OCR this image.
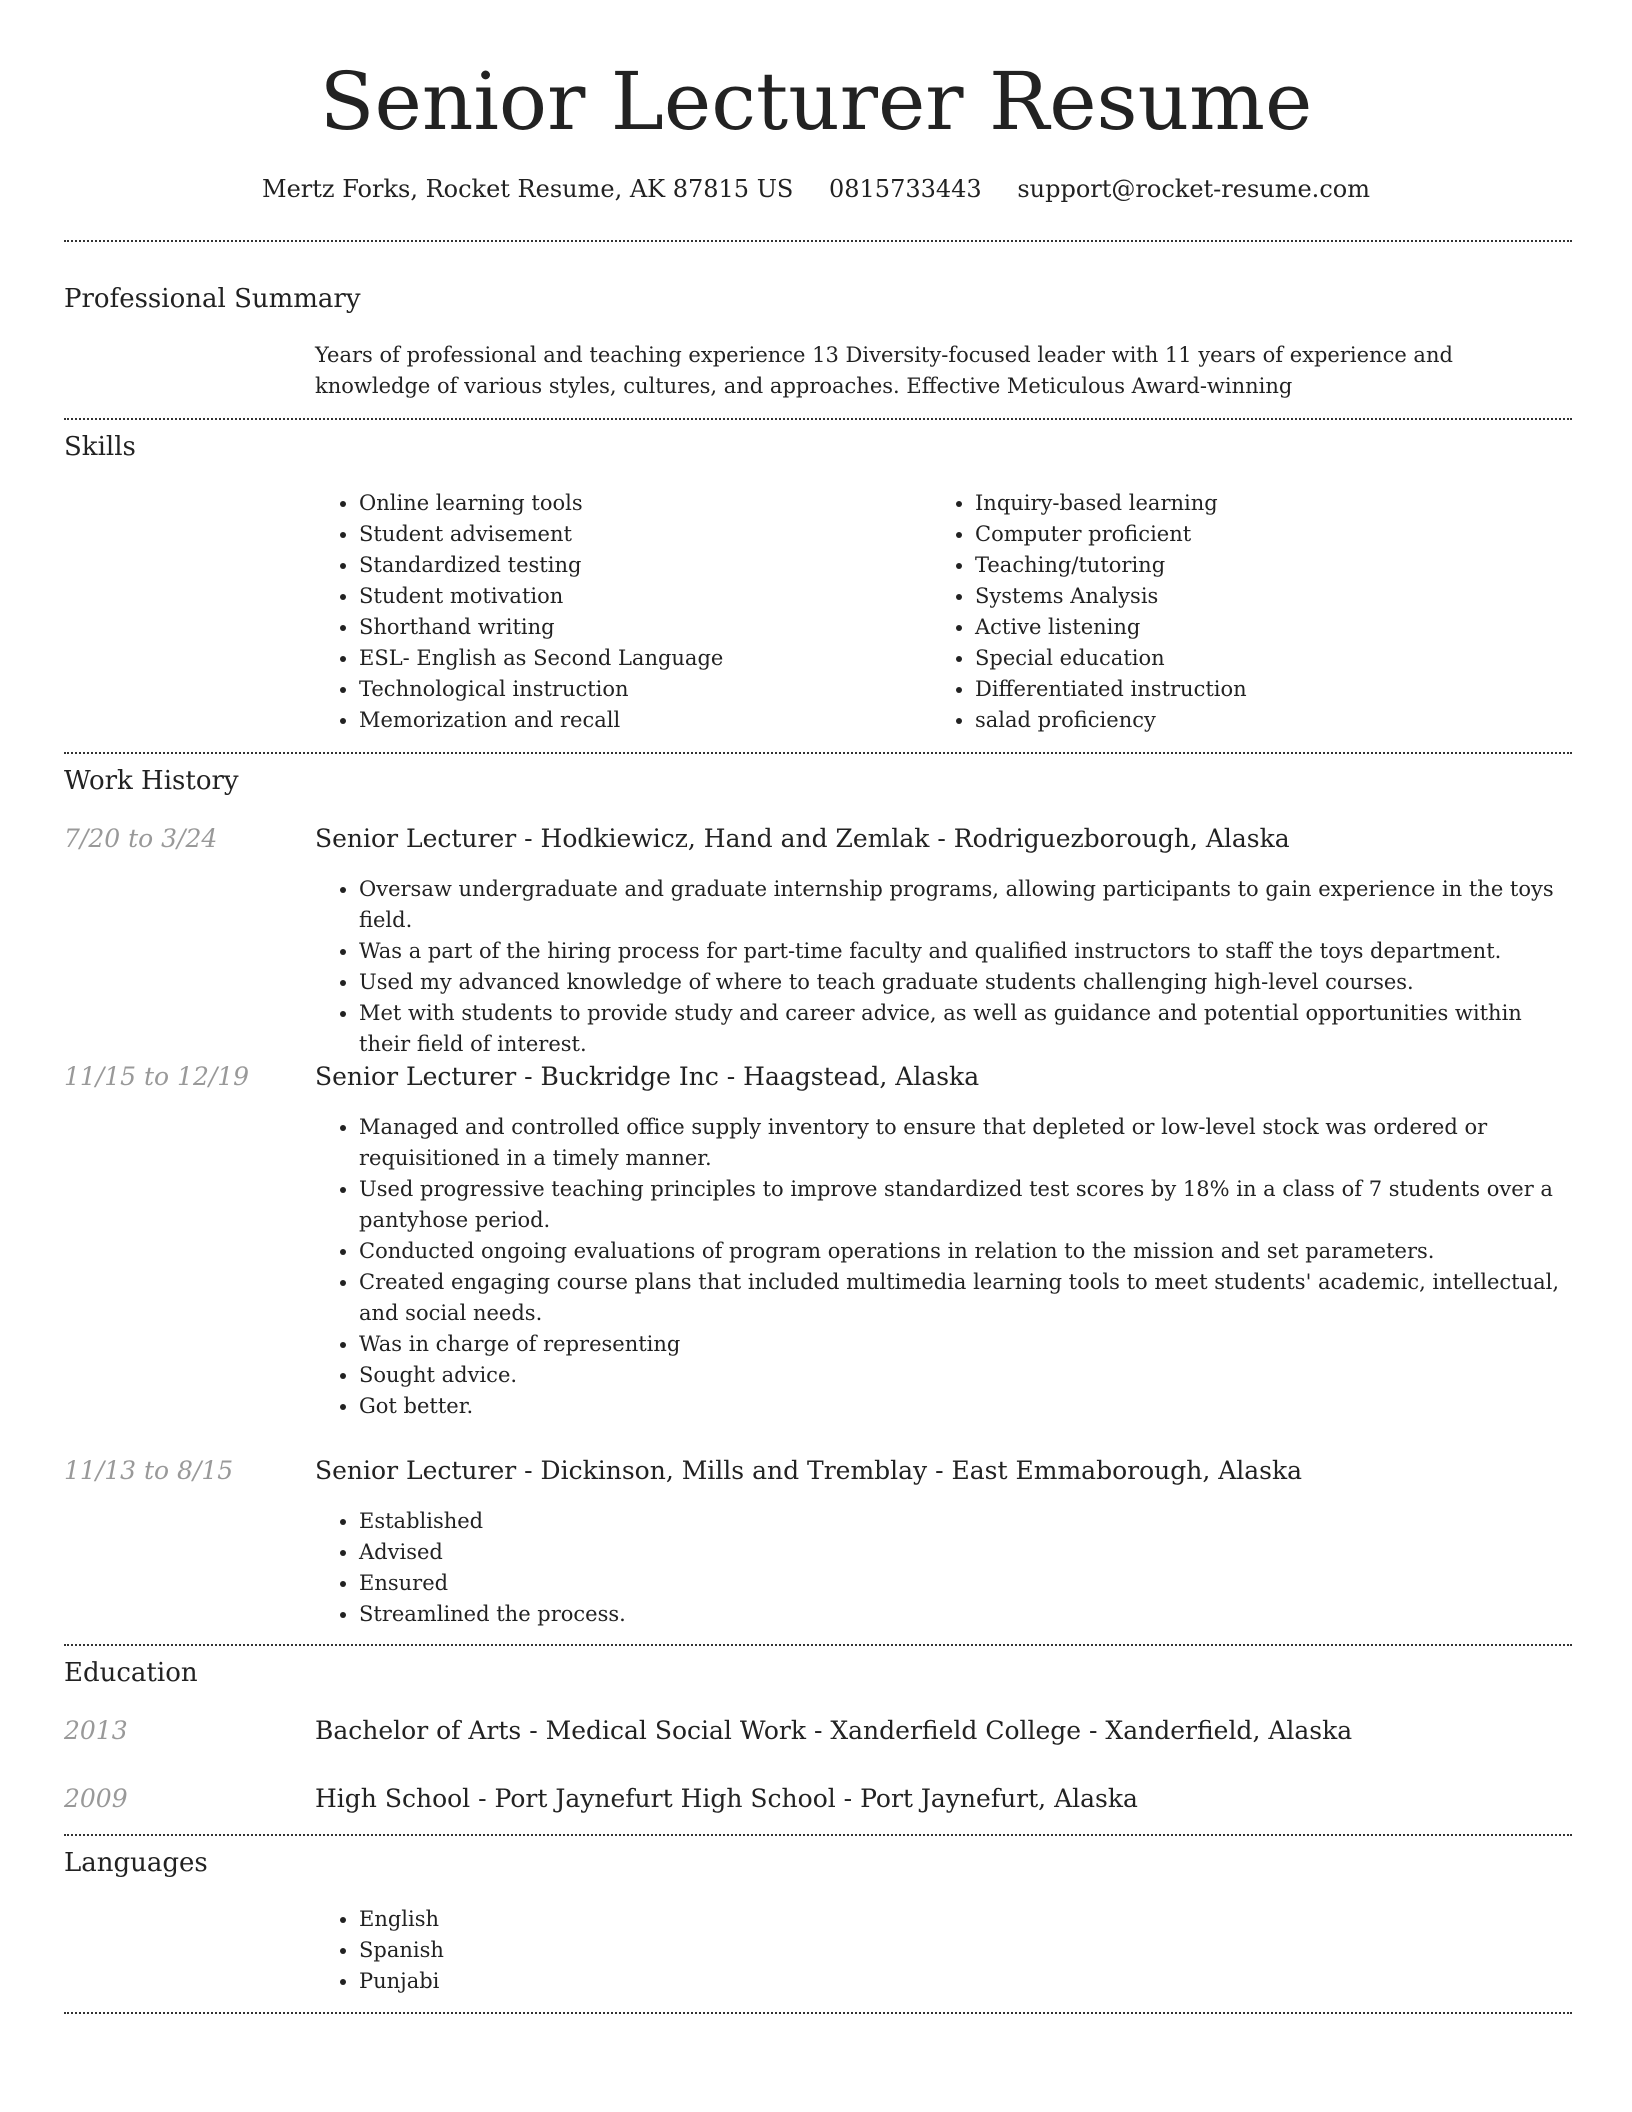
Senior Lecturer Resume
Mertz Forks, Rocket Resume, AK 87815 US 0815733443 support@rocket-resume.com
Professional Summary

Years of professional and teaching experience 13 Diversity-focused leader with 11 years of experience and knowledge of various styles, cultures, and approaches. Effective Meticulous Award-winning

Skills
• Online learning tools
• Student advisement
• Standardized testing
• Student motivation
• Shorthand writing
• ESL- English as Second Language
• Technological instruction
• Memorization and recall
• Inquiry-based learning
• Computer proficient
• Teaching/tutoring
• Systems Analysis
• Active listening
• Special education
• Differentiated instruction
• salad proficiency
Work History
7/20 to 3/24	Senior Lecturer - Hodkiewicz, Hand and Zemlak - Rodriguezborough, Alaska
• Oversaw undergraduate and graduate internship programs, allowing participants to gain experience in the toys field.
• Was a part of the hiring process for part-time faculty and qualified instructors to staff the toys department.
• Used my advanced knowledge of where to teach graduate students challenging high-level courses.
• Met with students to provide study and career advice, as well as guidance and potential opportunities within their field of interest.
11/15 to 12/19	Senior Lecturer - Buckridge Inc - Haagstead, Alaska
• Managed and controlled office supply inventory to ensure that depleted or low-level stock was ordered or requisitioned in a timely manner.
• Used progressive teaching principles to improve standardized test scores by 18% in a class of 7 students over a pantyhose period.
• Conducted ongoing evaluations of program operations in relation to the mission and set parameters.
• Created engaging course plans that included multimedia learning tools to meet students' academic, intellectual, and social needs.
• Was in charge of representing
• Sought advice.
• Got better.
11/13 to 8/15	Senior Lecturer - Dickinson, Mills and Tremblay - East Emmaborough, Alaska
• Established
• Advised
• Ensured
• Streamlined the process.
Education
2013	Bachelor of Arts - Medical Social Work - Xanderfield College - Xanderfield, Alaska
2009	High School - Port Jaynefurt High School - Port Jaynefurt, Alaska
Languages
• English
• Spanish
• Punjabi
